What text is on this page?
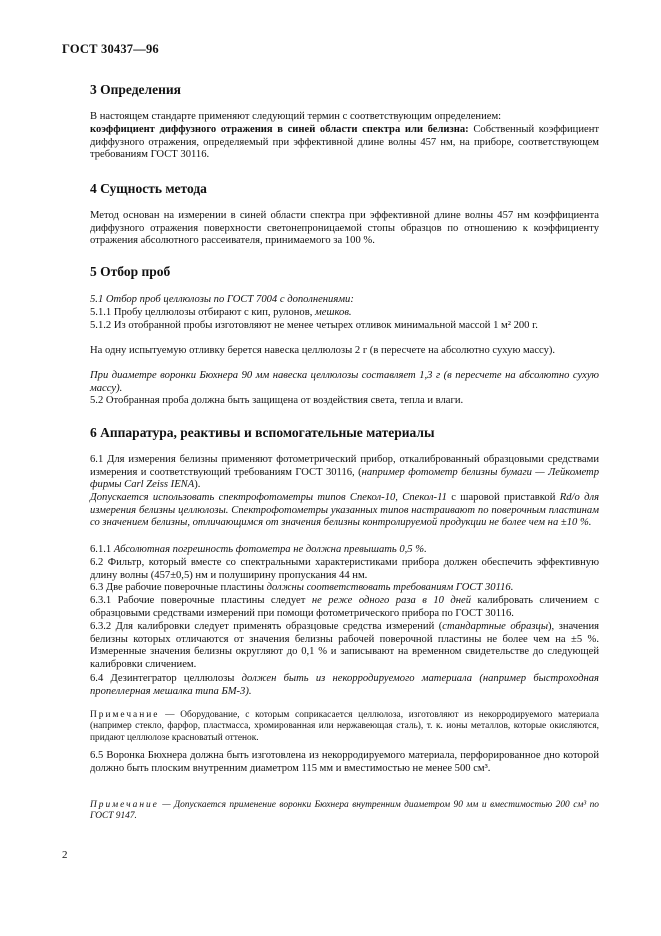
ГОСТ 30437—96
3 Определения

В настоящем стандарте применяют следующий термин с соответствующим определением:

коэффициент диффузного отражения в синей области спектра или белизна: Собственный коэффициент диффузного отражения, определяемый при эффективной длине волны 457 нм, на приборе, соответствующем требованиям ГОСТ 30116.

4 Сущность метода

Метод основан на измерении в синей области спектра при эффективной длине волны 457 нм коэффициента диффузного отражения поверхности светонепроницаемой стопы образцов по отношению к коэффициенту отражения абсолютного рассеивателя, принимаемого за 100 %.

5 Отбор проб

5.1 Отбор проб целлюлозы по ГОСТ 7004 с дополнениями:

5.1.1 Пробу целлюлозы отбирают с кип, рулонов, мешков.

5.1.2 Из отобранной пробы изготовляют не менее четырех отливок минимальной массой 1 м² 200 г.

На одну испытуемую отливку берется навеска целлюлозы 2 г (в пересчете на абсолютно сухую массу).

При диаметре воронки Бюхнера 90 мм навеска целлюлозы составляет 1,3 г (в пересчете на абсолютно сухую массу).

5.2 Отобранная проба должна быть защищена от воздействия света, тепла и влаги.

6 Аппаратура, реактивы и вспомогательные материалы

6.1 Для измерения белизны применяют фотометрический прибор, откалиброванный образцовыми средствами измерения и соответствующий требованиям ГОСТ 30116, (например фотометр белизны бумаги — Лейкометр фирмы Carl Zeiss IENA).

Допускается использовать спектрофотометры типов Спекол-10, Спекол-11 с шаровой приставкой Rd/o для измерения белизны целлюлозы. Спектрофотометры указанных типов настраивают по поверочным пластинам со значением белизны, отличающимся от значения белизны контролируемой продукции не более чем на ±10 %.

6.1.1 Абсолютная погрешность фотометра не должна превышать 0,5 %.

6.2 Фильтр, который вместе со спектральными характеристиками прибора должен обеспечить эффективную длину волны (457±0,5) нм и полуширину пропускания 44 нм.

6.3 Две рабочие поверочные пластины должны соответствовать требованиям ГОСТ 30116.

6.3.1 Рабочие поверочные пластины следует не реже одного раза в 10 дней калибровать сличением с образцовыми средствами измерений при помощи фотометрического прибора по ГОСТ 30116.

6.3.2 Для калибровки следует применять образцовые средства измерений (стандартные образцы), значения белизны которых отличаются от значения белизны рабочей поверочной пластины не более чем на ±5 %. Измеренные значения белизны округляют до 0,1 % и записывают на временном свидетельстве до следующей калибровки сличением.

6.4 Дезинтегратор целлюлозы должен быть из некорродируемого материала (например быстроходная пропеллерная мешалка типа БМ-3).

Примечание — Оборудование, с которым соприкасается целлюлоза, изготовляют из некорродируемого материала (например стекло, фарфор, пластмасса, хромированная или нержавеющая сталь), т. к. ионы металлов, которые окисляются, придают целлюлозе красноватый оттенок.

6.5 Воронка Бюхнера должна быть изготовлена из некорродируемого материала, перфорированное дно которой должно быть плоским внутренним диаметром 115 мм и вместимостью не менее 500 см³.

Примечание — Допускается применение воронки Бюхнера внутренним диаметром 90 мм и вместимостью 200 см³ по ГОСТ 9147.

2
